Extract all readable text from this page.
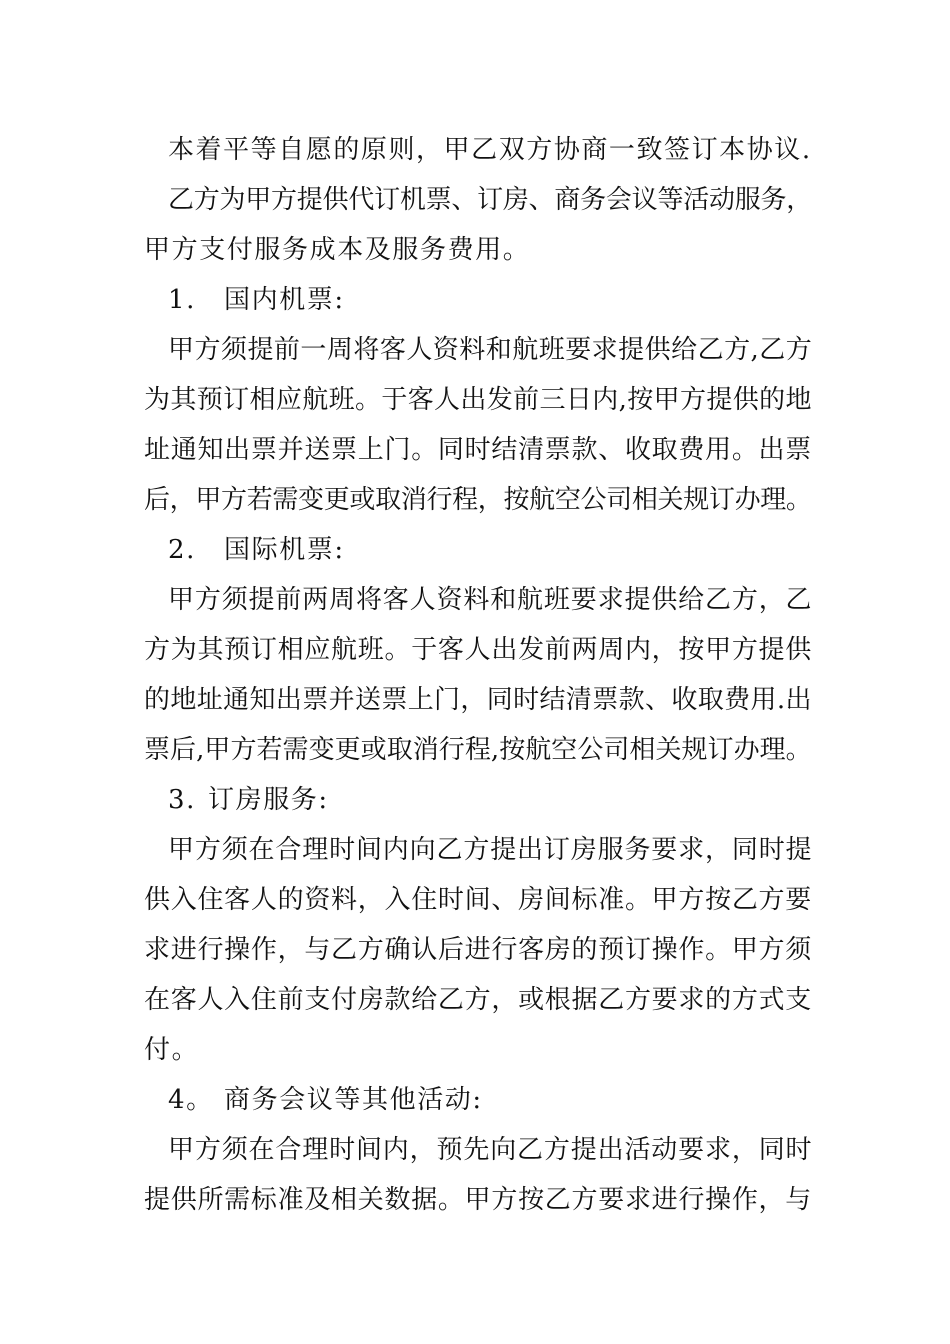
本着平等自愿的原则，甲乙双方协商一致签订本协议.
乙方为甲方提供代订机票、订房、商务会议等活动服务，
甲方支付服务成本及服务费用。
1. 国内机票:
甲方须提前一周将客人资料和航班要求提供给乙方,乙方
为其预订相应航班。于客人出发前三日内,按甲方提供的地
址通知出票并送票上门。同时结清票款、收取费用。出票
后，甲方若需变更或取消行程，按航空公司相关规订办理。
2. 国际机票:
甲方须提前两周将客人资料和航班要求提供给乙方，乙
方为其预订相应航班。于客人出发前两周内，按甲方提供
的地址通知出票并送票上门，同时结清票款、收取费用.出
票后,甲方若需变更或取消行程,按航空公司相关规订办理。
3. 订房服务:
甲方须在合理时间内向乙方提出订房服务要求，同时提
供入住客人的资料，入住时间、房间标准。甲方按乙方要
求进行操作，与乙方确认后进行客房的预订操作。甲方须
在客人入住前支付房款给乙方，或根据乙方要求的方式支
付。
4。 商务会议等其他活动:
甲方须在合理时间内，预先向乙方提出活动要求，同时
提供所需标准及相关数据。甲方按乙方要求进行操作，与
